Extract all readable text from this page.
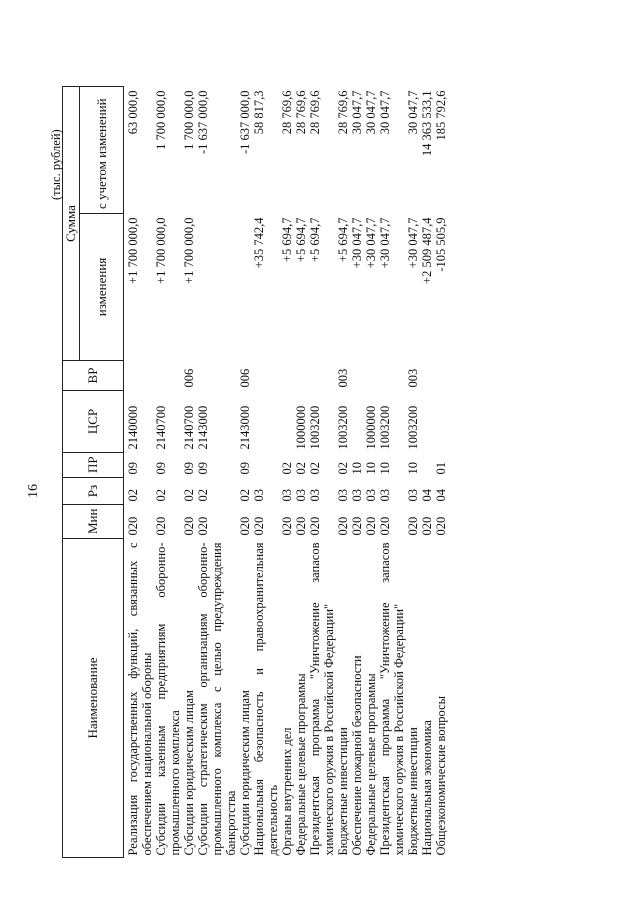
16
(тыс. рублей)
Наименование	Мин	Рз	ПР	ЦСР	ВР	Сумма	
						изменения	с учетом изменений
Реализация государственных функций, связанных с обеспечением национальной обороны	020	02	09	2140000		+1 700 000,0	63 000,0
Субсидии казенным предприятиям оборонно-промышленного комплекса	020	02	09	2140700		+1 700 000,0	1 700 000,0
Субсидии юридическим лицам	020	02	09	2140700	006	+1 700 000,0	1 700 000,0
Субсидии стратегическим организациям оборонно-промышленного комплекса с целью предупреждения банкротства	020	02	09	2143000			-1 637 000,0
Субсидии юридическим лицам	020	02	09	2143000	006		-1 637 000,0
Национальная безопасность и правоохранительная деятельность	020	03				+35 742,4	58 817,3
Органы внутренних дел	020	03	02			+5 694,7	28 769,6
Федеральные целевые программы	020	03	02	1000000		+5 694,7	28 769,6
Президентская программа "Уничтожение запасов химического оружия в Российской Федерации"	020	03	02	1003200		+5 694,7	28 769,6
Бюджетные инвестиции	020	03	02	1003200	003	+5 694,7	28 769,6
Обеспечение пожарной безопасности	020	03	10			+30 047,7	30 047,7
Федеральные целевые программы	020	03	10	1000000		+30 047,7	30 047,7
Президентская программа "Уничтожение запасов химического оружия в Российской Федерации"	020	03	10	1003200		+30 047,7	30 047,7
Бюджетные инвестиции	020	03	10	1003200	003	+30 047,7	30 047,7
Национальная экономика	020	04				+2 509 487,4	14 363 533,1
Общеэкономические вопросы	020	04	01			-105 505,9	185 792,6
